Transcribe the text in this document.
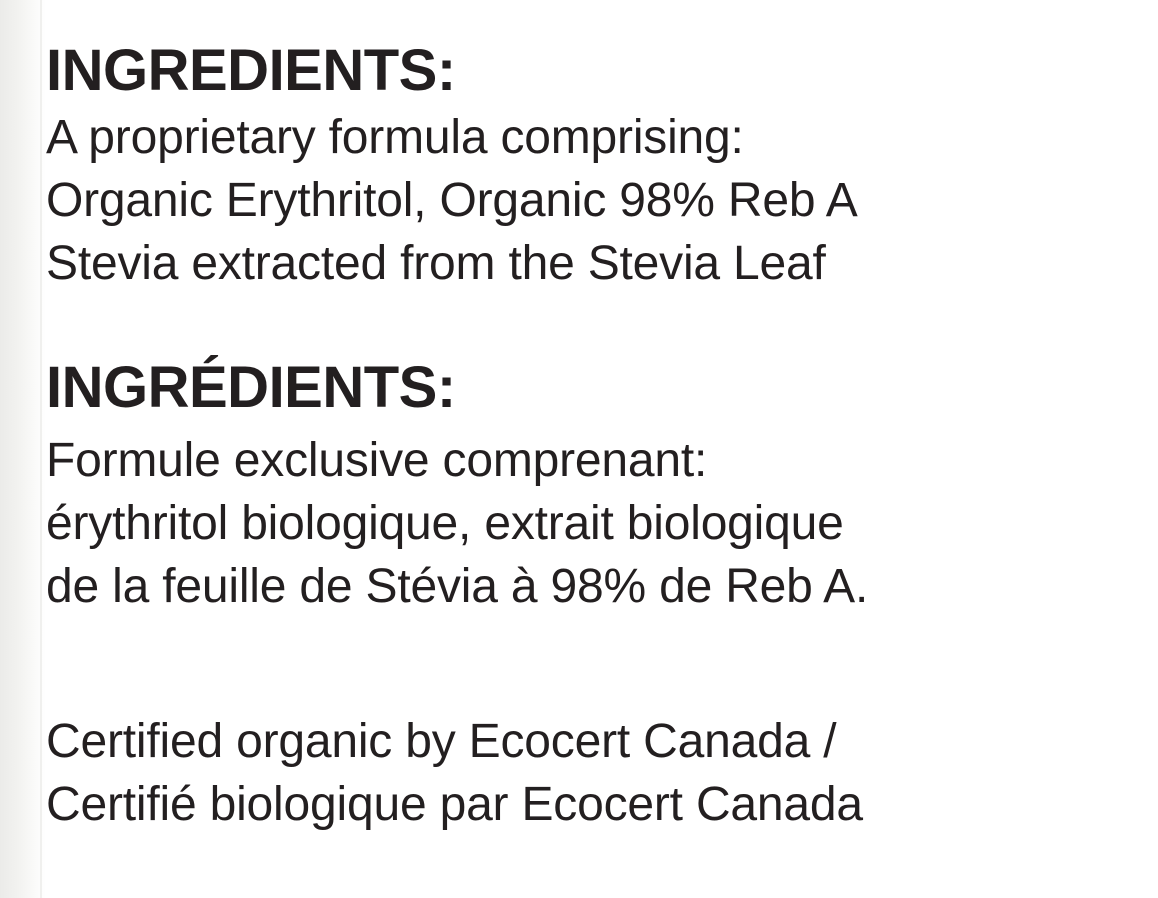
INGREDIENTS:

A proprietary formula comprising:

Organic Erythritol, Organic 98% Reb A

Stevia extracted from the Stevia Leaf

INGRÉDIENTS:

Formule exclusive comprenant:

érythritol biologique, extrait biologique

de la feuille de Stévia à 98% de Reb A.

Certified organic by Ecocert Canada /

Certifié biologique par Ecocert Canada
